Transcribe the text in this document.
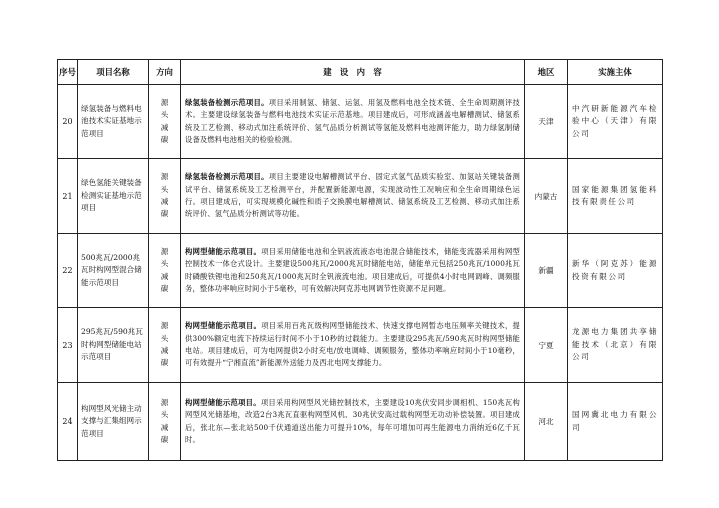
序号	项目名称	方向	建　设　内　容	地区	实施主体
20	绿氢装备与燃料电池技术实证基地示范项目	源头减碳	绿氢装备检测示范项目。项目采用制氢、储氢、运氢、用氢及燃料电池全技术链、全生命周期测评技术。主要建设绿氢装备与燃料电池技术实证示范基地。项目建成后，可形成涵盖电解槽测试、储氢系统及工艺检测、移动式加注系统评价、氢气品质分析测试等氢能及燃料电池测评能力，助力绿氢制储设备及燃料电池相关的检验检测。	天津	中汽研新能源汽车检验中心（天津）有限公司
21	绿色氢能关键装备检测实证基地示范项目	源头减碳	绿氢装备检测示范项目。项目主要建设电解槽测试平台、固定式氢气品质实验室、加氢站关键装备测试平台、储氢系统及工艺检测平台，并配置新能源电源，实现波动性工况响应和全生命周期绿色运行。项目建成后，可实现规模化碱性和质子交换膜电解槽测试、储氢系统及工艺检测、移动式加注系统评价、氢气品质分析测试等功能。	内蒙古	国家能源集团氢能科技有限责任公司
22	500兆瓦/2000兆瓦时构网型混合储能示范项目	源头减碳	构网型储能示范项目。项目采用储能电池和全钒液流液态电池混合储能技术，储能变流器采用构网型控制技术一体仓式设计。主要建设500兆瓦/2000兆瓦时储能电站，储能单元包括250兆瓦/1000兆瓦时磷酸铁锂电池和250兆瓦/1000兆瓦时全钒液流电池。项目建成后，可提供4小时电网调峰、调频服务，整体功率响应时间小于5毫秒，可有效解决阿克苏电网调节性资源不足问题。	新疆	新华（阿克苏）能源投资有限公司
23	295兆瓦/590兆瓦时构网型储能电站示范项目	源头减碳	构网型储能示范项目。项目采用百兆瓦级构网型储能技术、快速支撑电网暂态电压频率关键技术，提供300%额定电流下持续运行时间不小于10秒的过载能力。主要建设295兆瓦/590兆瓦时构网型储能电站。项目建成后，可为电网提供2小时充电/放电调峰、调频服务，整体功率响应时间小于10毫秒，可有效提升“宁湘直流”新能源外送能力及西北电网支撑能力。	宁夏	龙源电力集团共享储能技术（北京）有限公司
24	构网型风光储主动支撑与汇集组网示范项目	源头减碳	构网型储能示范项目。项目采用构网型风光储控制技术，主要建设10兆伏安同步调相机、150兆瓦构网型风光储基地，改造2台3兆瓦直驱构网型风机、30兆伏安高过载构网型无功动补偿装置。项目建成后，张北东—张北站500千伏通道送出能力可提升10%，每年可增加可再生能源电力消纳近6亿千瓦时。	河北	国网冀北电力有限公司
